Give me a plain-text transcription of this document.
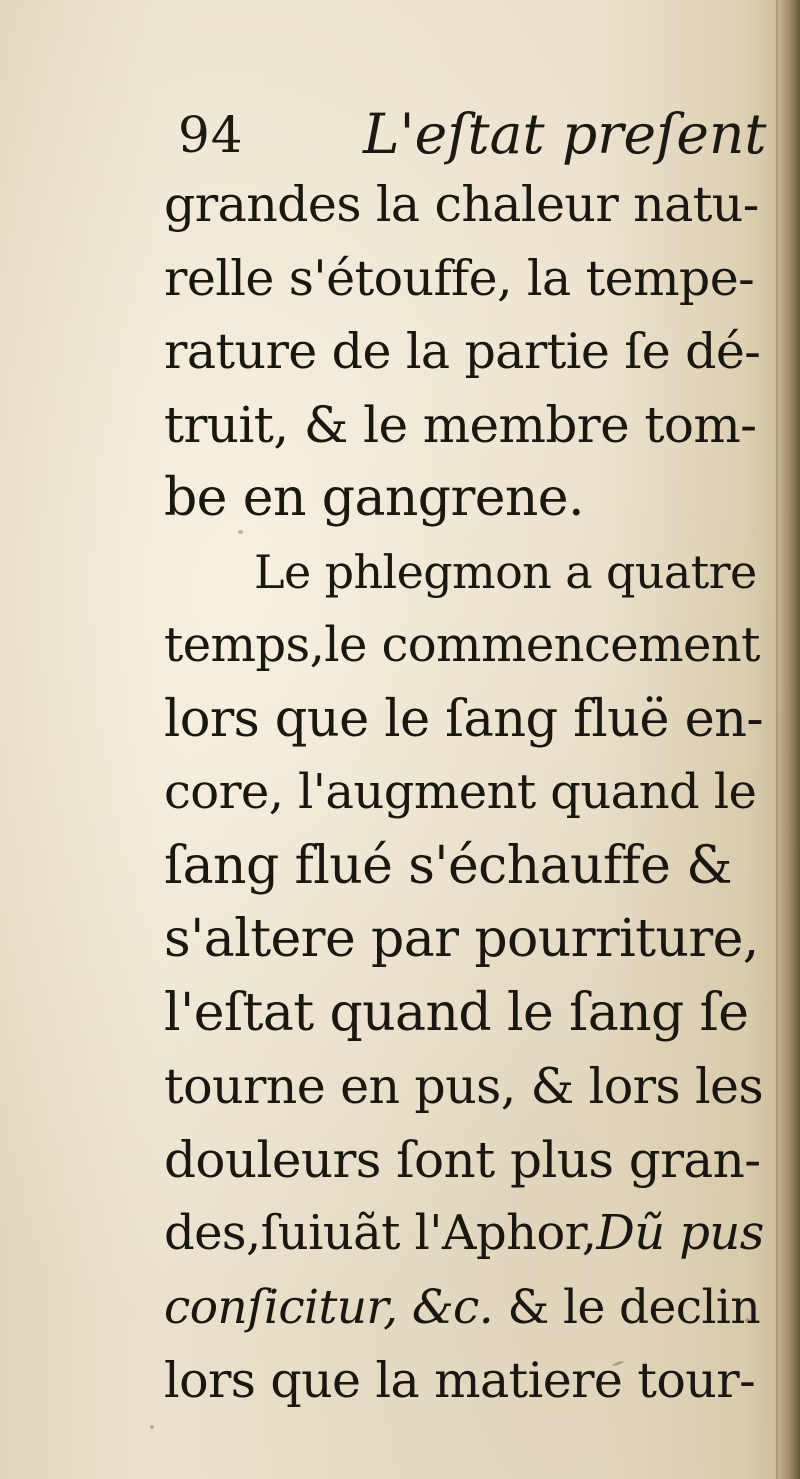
94 L'eſtat preſent
grandes la chaleur natu-
relle s'étouffe, la tempe-
rature de la partie ſe dé-
truit, & le membre tom-
be en gangrene.
Le phlegmon a quatre
temps,le commencement
lors que le ſang fluë en-
core, l'augment quand le
ſang flué s'échauffe &
s'altere par pourriture,
l'eſtat quand le ſang ſe
tourne en pus, & lors les
douleurs ſont plus gran-
des,ſuiuãt l'Aphor,Dũ pus
conſicitur, &c. & le declin
lors que la matiere tour-
